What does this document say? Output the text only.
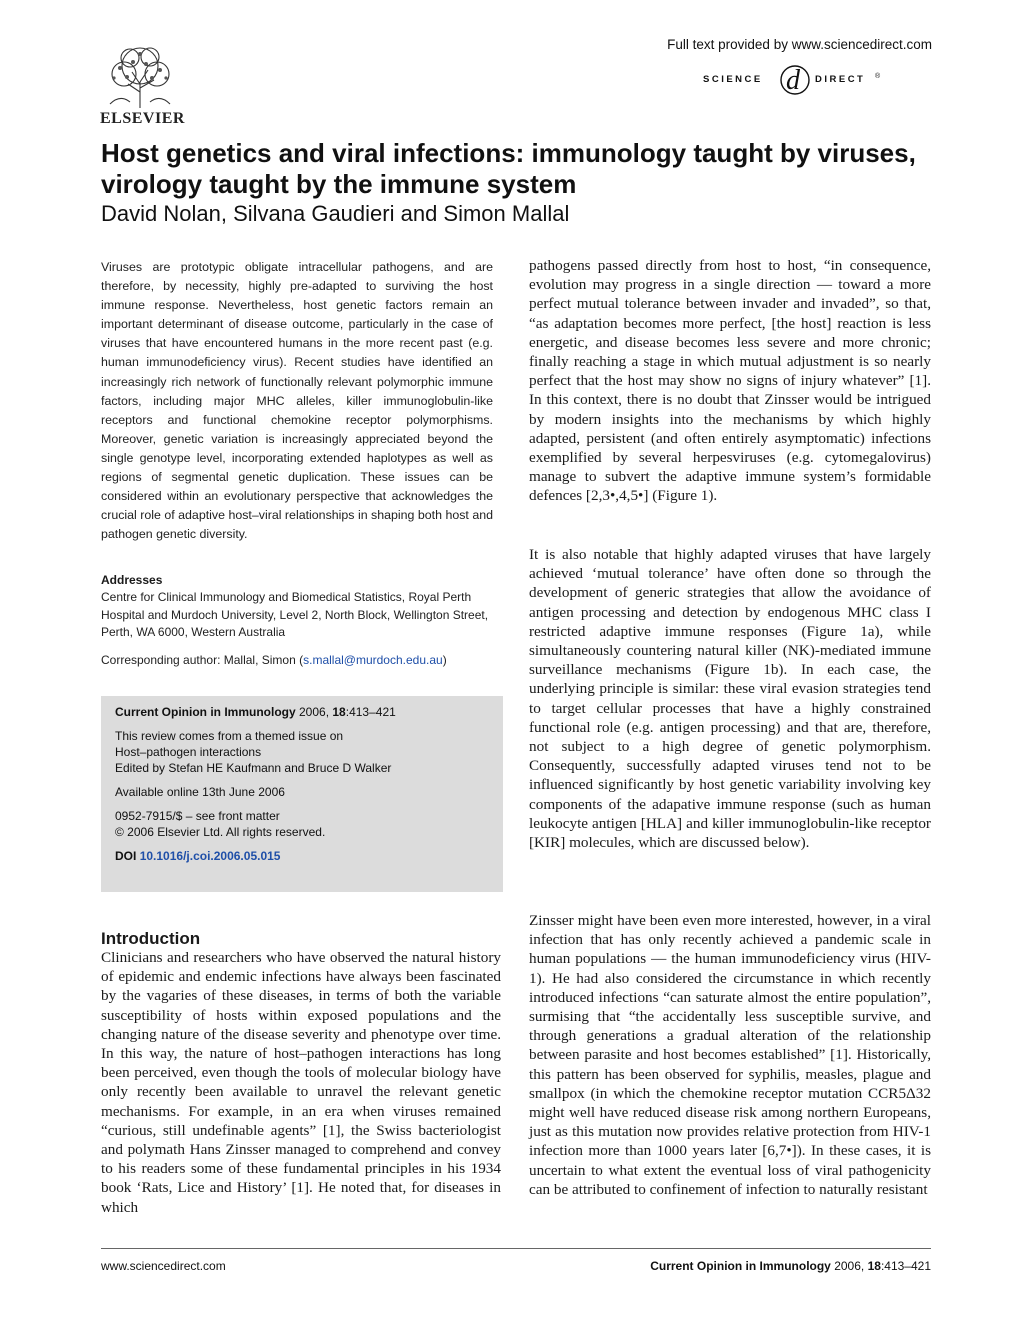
ELSEVIER
Full text provided by www.sciencedirect.com
SCIENCE d DIRECT ®
Host genetics and viral infections: immunology taught by viruses, virology taught by the immune system
David Nolan, Silvana Gaudieri and Simon Mallal
Viruses are prototypic obligate intracellular pathogens, and are therefore, by necessity, highly pre-adapted to surviving the host immune response. Nevertheless, host genetic factors remain an important determinant of disease outcome, particularly in the case of viruses that have encountered humans in the more recent past (e.g. human immunodeficiency virus). Recent studies have identified an increasingly rich network of functionally relevant polymorphic immune factors, including major MHC alleles, killer immunoglobulin-like receptors and functional chemokine receptor polymorphisms. Moreover, genetic variation is increasingly appreciated beyond the single genotype level, incorporating extended haplotypes as well as regions of segmental genetic duplication. These issues can be considered within an evolutionary perspective that acknowledges the crucial role of adaptive host–viral relationships in shaping both host and pathogen genetic diversity.
Addresses
Centre for Clinical Immunology and Biomedical Statistics, Royal Perth Hospital and Murdoch University, Level 2, North Block, Wellington Street, Perth, WA 6000, Western Australia
Corresponding author: Mallal, Simon (s.mallal@murdoch.edu.au)

Current Opinion in Immunology 2006, 18:413–421

This review comes from a themed issue on
Host–pathogen interactions
Edited by Stefan HE Kaufmann and Bruce D Walker

Available online 13th June 2006

0952-7915/$ – see front matter
© 2006 Elsevier Ltd. All rights reserved.

DOI 10.1016/j.coi.2006.05.015

Introduction
Clinicians and researchers who have observed the natural history of epidemic and endemic infections have always been fascinated by the vagaries of these diseases, in terms of both the variable susceptibility of hosts within exposed populations and the changing nature of the disease severity and phenotype over time. In this way, the nature of host–pathogen interactions has long been perceived, even though the tools of molecular biology have only recently been available to unravel the relevant genetic mechanisms. For example, in an era when viruses remained “curious, still undefinable agents” [1], the Swiss bacteriologist and polymath Hans Zinsser managed to comprehend and convey to his readers some of these fundamental principles in his 1934 book ‘Rats, Lice and History’ [1]. He noted that, for diseases in which
pathogens passed directly from host to host, “in consequence, evolution may progress in a single direction — toward a more perfect mutual tolerance between invader and invaded”, so that, “as adaptation becomes more perfect, [the host] reaction is less energetic, and disease becomes less severe and more chronic; finally reaching a stage in which mutual adjustment is so nearly perfect that the host may show no signs of injury whatever” [1]. In this context, there is no doubt that Zinsser would be intrigued by modern insights into the mechanisms by which highly adapted, persistent (and often entirely asymptomatic) infections exemplified by several herpesviruses (e.g. cytomegalovirus) manage to subvert the adaptive immune system’s formidable defences [2,3•,4,5•] (Figure 1).
It is also notable that highly adapted viruses that have largely achieved ‘mutual tolerance’ have often done so through the development of generic strategies that allow the avoidance of antigen processing and detection by endogenous MHC class I restricted adaptive immune responses (Figure 1a), while simultaneously countering natural killer (NK)-mediated immune surveillance mechanisms (Figure 1b). In each case, the underlying principle is similar: these viral evasion strategies tend to target cellular processes that have a highly constrained functional role (e.g. antigen processing) and that are, therefore, not subject to a high degree of genetic polymorphism. Consequently, successfully adapted viruses tend not to be influenced significantly by host genetic variability involving key components of the adapative immune response (such as human leukocyte antigen [HLA] and killer immunoglobulin-like receptor [KIR] molecules, which are discussed below).
Zinsser might have been even more interested, however, in a viral infection that has only recently achieved a pandemic scale in human populations — the human immunodeficiency virus (HIV-1). He had also considered the circumstance in which recently introduced infections “can saturate almost the entire population”, surmising that “the accidentally less susceptible survive, and through generations a gradual alteration of the relationship between parasite and host becomes established” [1]. Historically, this pattern has been observed for syphilis, measles, plague and smallpox (in which the chemokine receptor mutation CCR5Δ32 might well have reduced disease risk among northern Europeans, just as this mutation now provides relative protection from HIV-1 infection more than 1000 years later [6,7•]). In these cases, it is uncertain to what extent the eventual loss of viral pathogenicity can be attributed to confinement of infection to naturally resistant
www.sciencedirect.com	Current Opinion in Immunology 2006, 18:413–421
